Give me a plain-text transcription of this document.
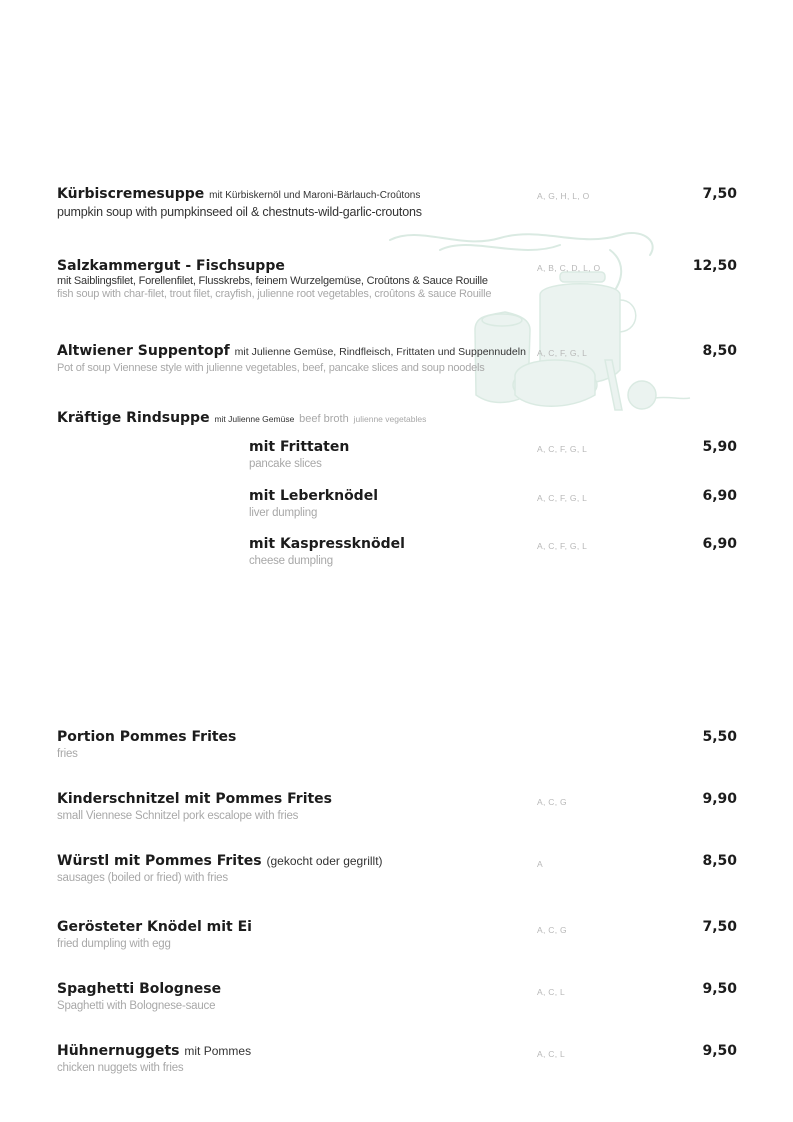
Kürbiscremesuppe mit Kürbiskernöl und Maroni-Bärlauch-Croûtons
pumpkin soup with pumpkinseed oil & chestnuts-wild-garlic-croutons
A, G, H, L, O	7,50
Salzkammergut - Fischsuppe
mit Saiblingsfilet, Forellenfilet, Flusskrebs, feinem Wurzelgemüse, Croûtons & Sauce Rouille
fish soup with char-filet, trout filet, crayfish, julienne root vegetables, croûtons & sauce Rouille
A, B, C, D, L, O	12,50
Altwiener Suppentopf mit Julienne Gemüse, Rindfleisch, Frittaten und Suppennudeln
Pot of soup Viennese style with julienne vegetables, beef, pancake slices and soup noodels
A, C, F, G, L	8,50
Kräftige Rindsuppe mit Julienne Gemüse beef broth julienne vegetables
mit Frittaten
pancake slices
A, C, F, G, L	5,90
mit Leberknödel
liver dumpling
A, C, F, G, L	6,90
mit Kaspressknödel
cheese dumpling
A, C, F, G, L	6,90
Portion Pommes Frites
fries
5,50
Kinderschnitzel mit Pommes Frites
small Viennese Schnitzel pork escalope with fries
A, C, G	9,90
Würstl mit Pommes Frites (gekocht oder gegrillt)
sausages (boiled or fried) with fries
A	8,50
Gerösteter Knödel mit Ei
fried dumpling with egg
A, C, G	7,50
Spaghetti Bolognese
Spaghetti with Bolognese-sauce
A, C, L	9,50
Hühnernuggets mit Pommes
chicken nuggets with fries
A, C, L	9,50
